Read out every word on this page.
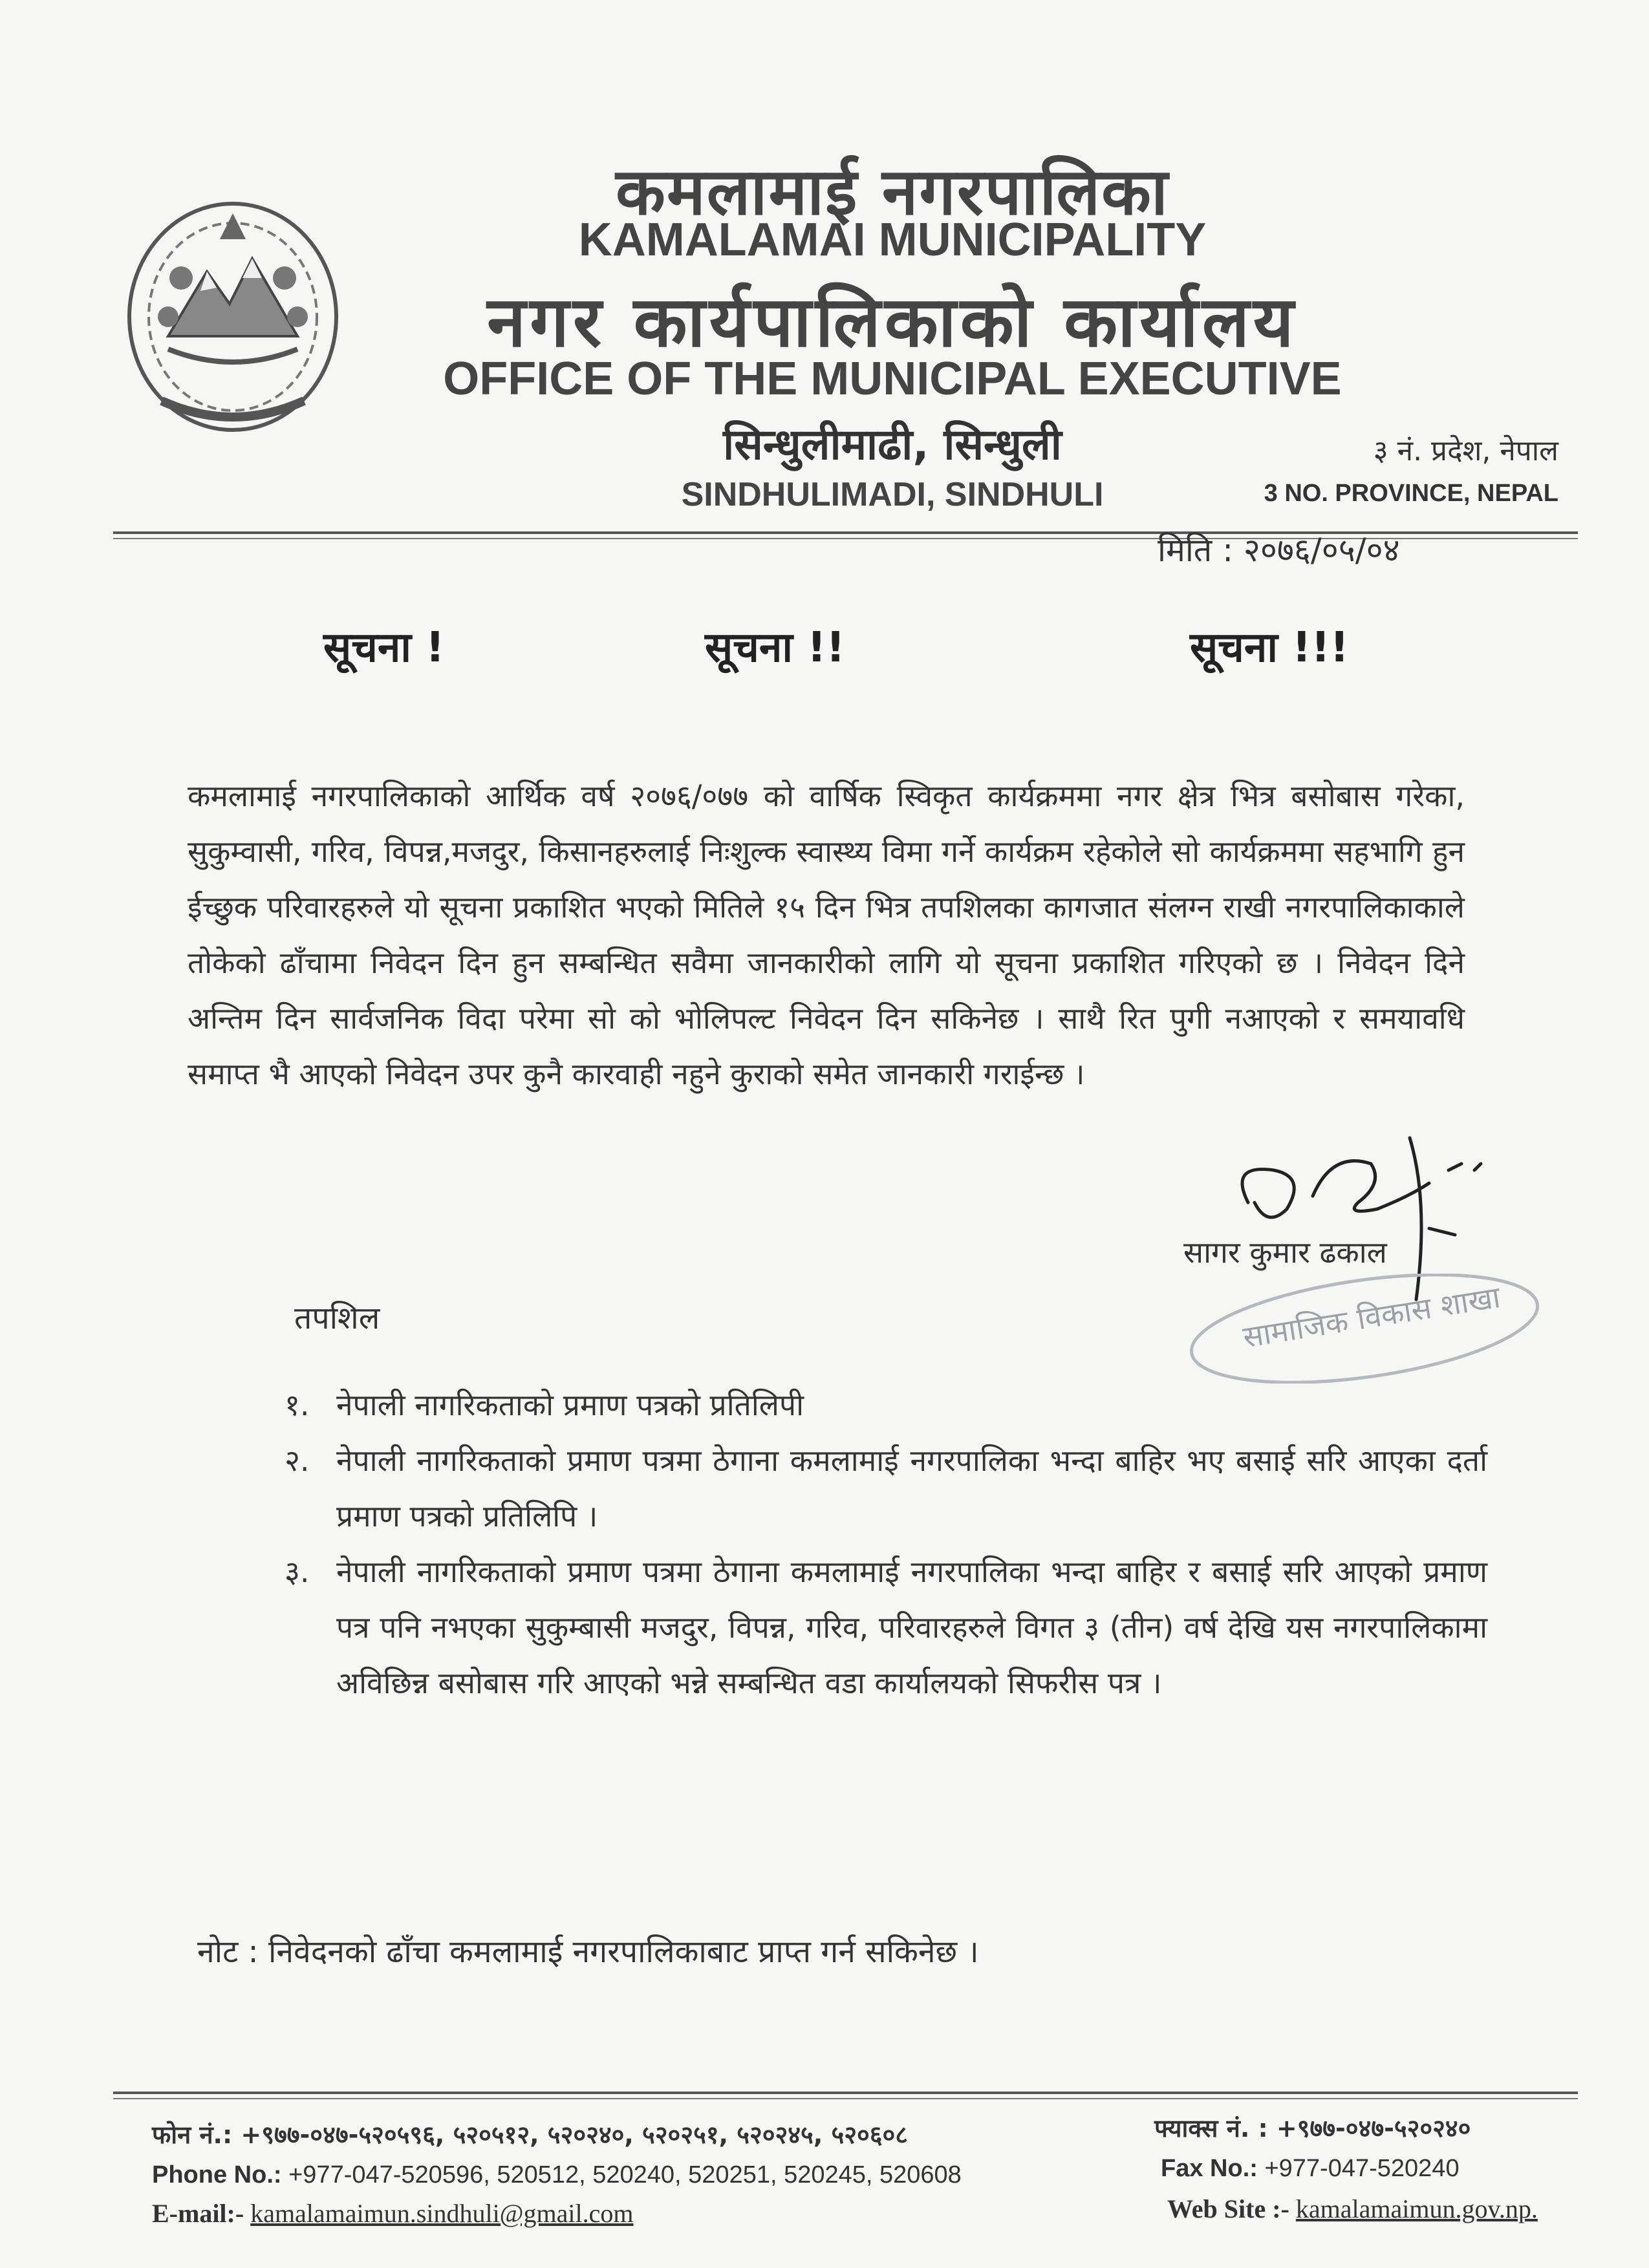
कमलामाई नगरपालिका
KAMALAMAI MUNICIPALITY
नगर कार्यपालिकाको कार्यालय
OFFICE OF THE MUNICIPAL EXECUTIVE
सिन्धुलीमाढी, सिन्धुली
SINDHULIMADI, SINDHULI
३ नं. प्रदेश, नेपाल
3 NO. PROVINCE, NEPAL
मिति : २०७६/०५/०४
सूचना !	सूचना !!	सूचना !!!
कमलामाई नगरपालिकाको आर्थिक वर्ष २०७६/०७७ को वार्षिक स्विकृत कार्यक्रममा नगर क्षेत्र भित्र बसोबास गरेका, सुकुम्वासी, गरिव, विपन्न,मजदुर, किसानहरुलाई निःशुल्क स्वास्थ्य विमा गर्ने कार्यक्रम रहेकोले सो कार्यक्रममा सहभागि हुन ईच्छुक परिवारहरुले यो सूचना प्रकाशित भएको मितिले १५ दिन भित्र तपशिलका कागजात संलग्न राखी नगरपालिकाकाले तोकेको ढाँचामा निवेदन दिन हुन सम्बन्धित सवैमा जानकारीको लागि यो सूचना प्रकाशित गरिएको छ । निवेदन दिने अन्तिम दिन सार्वजनिक विदा परेमा सो को भोलिपल्ट निवेदन दिन सकिनेछ । साथै रित पुगी नआएको र समयावधि समाप्त भै आएको निवेदन उपर कुनै कारवाही नहुने कुराको समेत जानकारी गराईन्छ ।
सागर कुमार ढकाल
सामाजिक विकास शाखा
तपशिल
१. नेपाली नागरिकताको प्रमाण पत्रको प्रतिलिपी
२. नेपाली नागरिकताको प्रमाण पत्रमा ठेगाना कमलामाई नगरपालिका भन्दा बाहिर भए बसाई सरि आएका दर्ता प्रमाण पत्रको प्रतिलिपि ।
३. नेपाली नागरिकताको प्रमाण पत्रमा ठेगाना कमलामाई नगरपालिका भन्दा बाहिर र बसाई सरि आएको प्रमाण पत्र पनि नभएका सुकुम्बासी मजदुर, विपन्न, गरिव, परिवारहरुले विगत ३ (तीन) वर्ष देखि यस नगरपालिकामा अविछिन्न बसोबास गरि आएको भन्ने सम्बन्धित वडा कार्यालयको सिफरीस पत्र ।
नोट : निवेदनको ढाँचा कमलामाई नगरपालिकाबाट प्राप्त गर्न सकिनेछ ।
फोन नं.: +९७७-०४७-५२०५९६, ५२०५१२, ५२०२४०, ५२०२५१, ५२०२४५, ५२०६०८
Phone No.: +977-047-520596, 520512, 520240, 520251, 520245, 520608
E-mail:- kamalamaimun.sindhuli@gmail.com
फ्याक्स नं. : +९७७-०४७-५२०२४०
Fax No.: +977-047-520240
Web Site :- kamalamaimun.gov.np.
